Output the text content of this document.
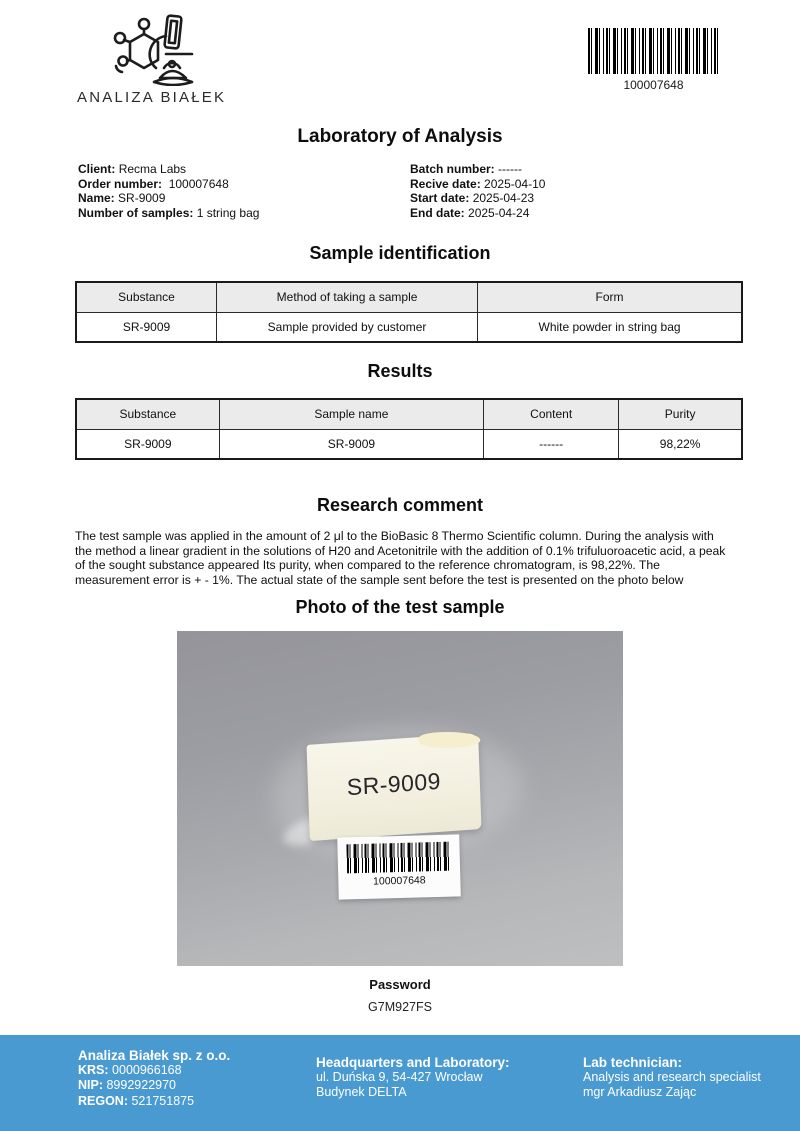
ANALIZA BIAŁEK
100007648
Laboratory of Analysis
Client: Recma Labs
Order number: 100007648
Name: SR-9009
Number of samples: 1 string bag
Batch number: ------
Recive date: 2025-04-10
Start date: 2025-04-23
End date: 2025-04-24
Sample identification
Substance	Method of taking a sample	Form
SR-9009	Sample provided by customer	White powder in string bag
Results
Substance	Sample name	Content	Purity
SR-9009	SR-9009	------	98,22%
Research comment
The test sample was applied in the amount of 2 μl to the BioBasic 8 Thermo Scientific column. During the analysis with the method a linear gradient in the solutions of H20 and Acetonitrile with the addition of 0.1% trifuluoroacetic acid, a peak of the sought substance appeared Its purity, when compared to the reference chromatogram, is 98,22%. The measurement error is + - 1%. The actual state of the sample sent before the test is presented on the photo below
Photo of the test sample
SR-9009
100007648
Password
G7M927FS
Analiza Białek sp. z o.o.
KRS: 0000966168
NIP: 8992922970
REGON: 521751875
Headquarters and Laboratory:
ul. Duńska 9, 54-427 Wrocław
Budynek DELTA
Lab technician:
Analysis and research specialist
mgr Arkadiusz Zając
